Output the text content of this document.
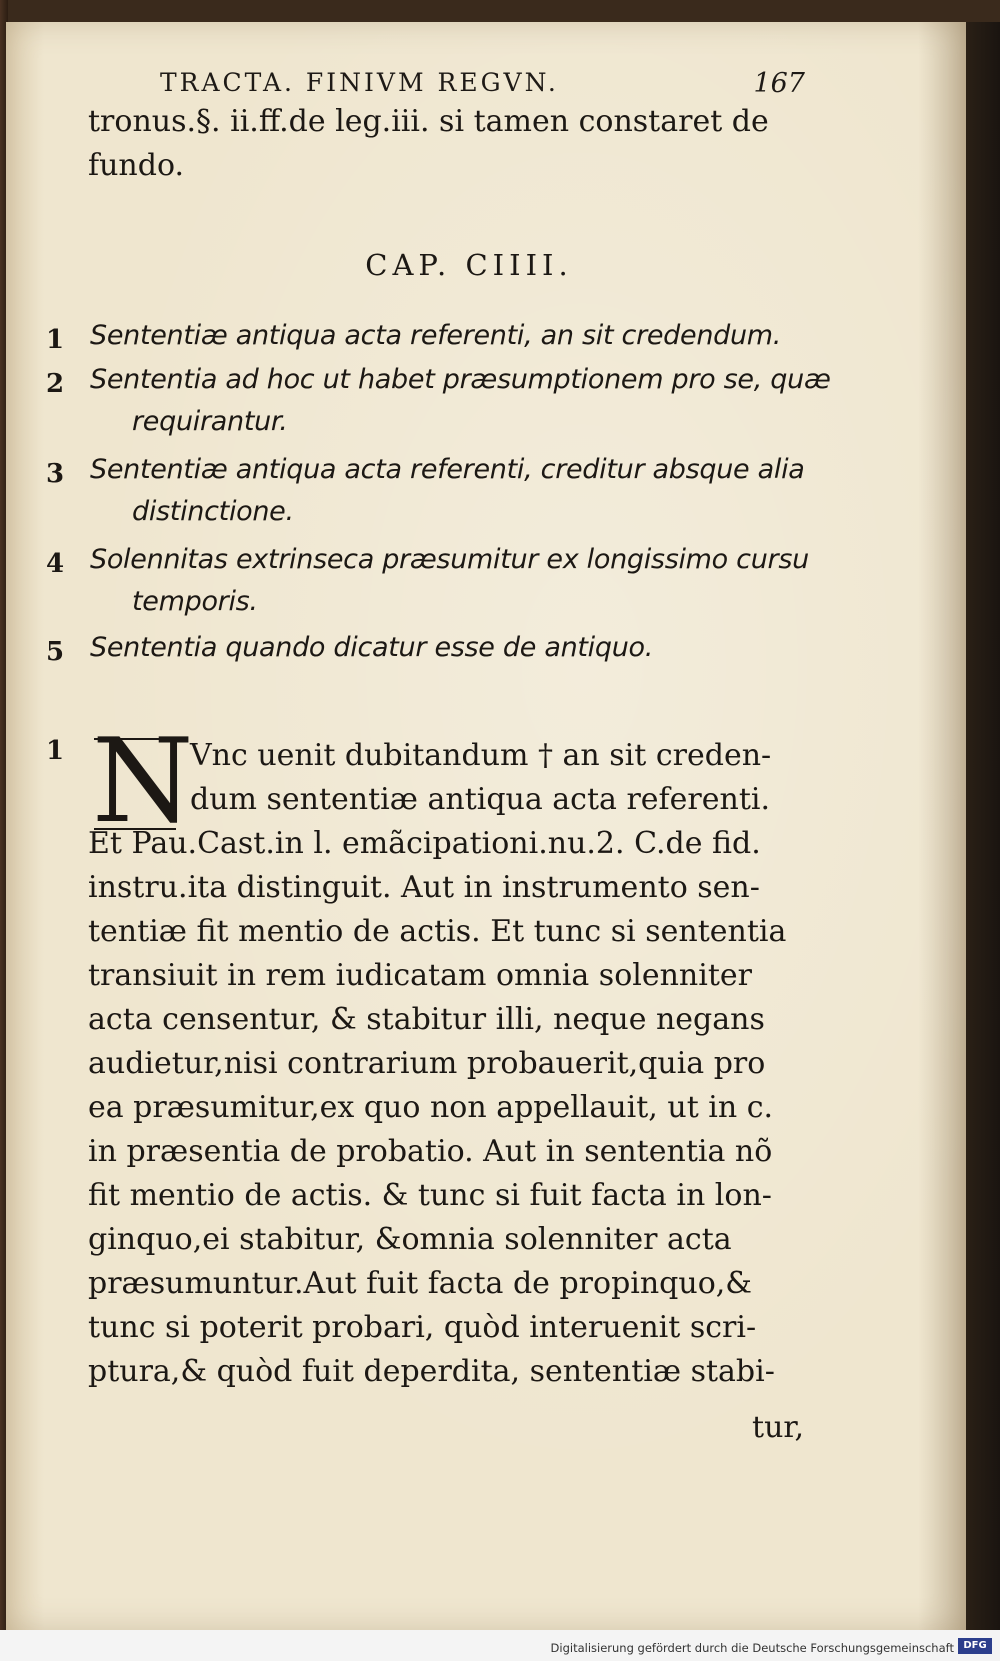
TRACTA. FINIVM REGVN.	167
tronus.§. ii.ff.de leg.iii. si tamen constaret de
fundo.
CAP. CIIII.
1 Sententiæ antiqua acta referenti, an sit credendum.
2 Sententia ad hoc ut habet præsumptionem pro se, quæ
requirantur.
3 Sententiæ antiqua acta referenti, creditur absque alia
distinctione.
4 Solennitas extrinseca præsumitur ex longissimo cursu
temporis.
5 Sententia quando dicatur esse de antiquo.
1 N
Vnc uenit dubitandum † an sit creden-
dum sententiæ antiqua acta referenti.
Et Pau.Cast.in l. emãcipationi.nu.2. C.de fid.
instru.ita distinguit. Aut in instrumento sen-
tentiæ fit mentio de actis. Et tunc si sententia
transiuit in rem iudicatam omnia solenniter
acta censentur, & stabitur illi, neque negans
audietur,nisi contrarium probauerit,quia pro
ea præsumitur,ex quo non appellauit, ut in c.
in præsentia de probatio. Aut in sententia nõ
fit mentio de actis. & tunc si fuit facta in lon-
ginquo,ei stabitur, &omnia solenniter acta
præsumuntur.Aut fuit facta de propinquo,&
tunc si poterit probari, quòd interuenit scri-
ptura,& quòd fuit deperdita, sententiæ stabi-
tur,
Digitalisierung gefördert durch die Deutsche Forschungsgemeinschaft DFG
